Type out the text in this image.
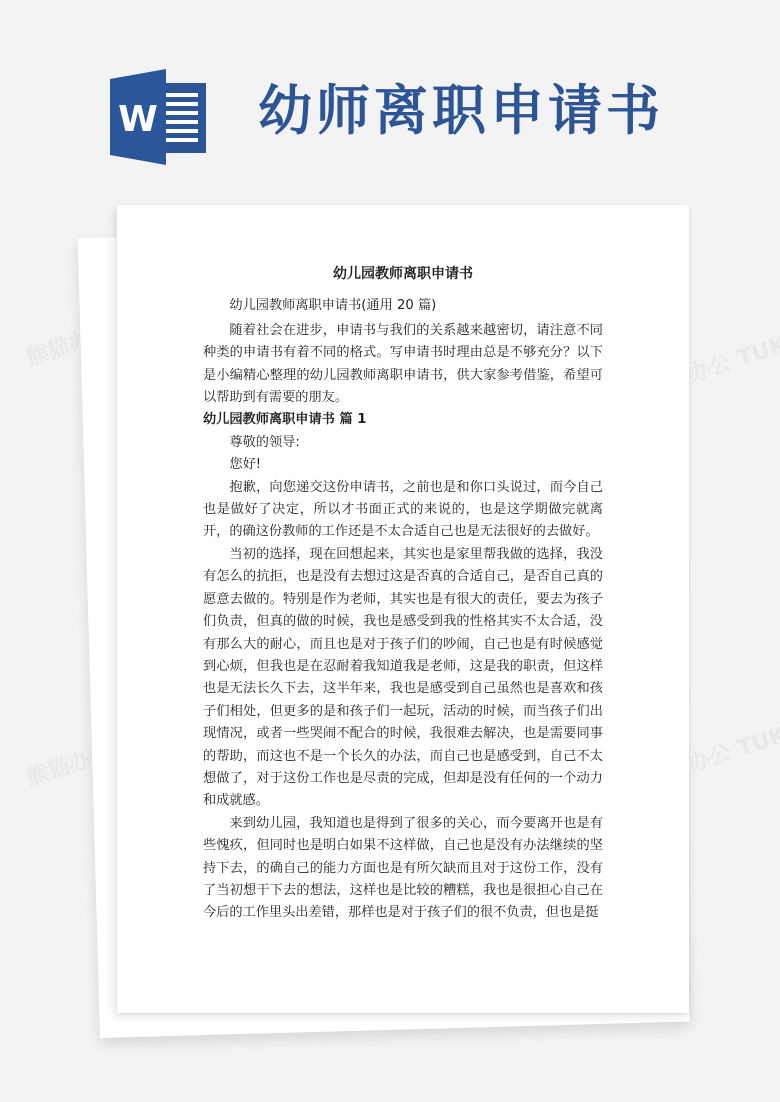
W 幼师离职申请书
幼儿园教师离职申请书

幼儿园教师离职申请书(通用 20 篇)

随着社会在进步，申请书与我们的关系越来越密切，请注意不同种类的申请书有着不同的格式。写申请书时理由总是不够充分？以下是小编精心整理的幼儿园教师离职申请书，供大家参考借鉴，希望可以帮助到有需要的朋友。

幼儿园教师离职申请书 篇 1

尊敬的领导:

您好!

抱歉，向您递交这份申请书，之前也是和你口头说过，而今自己也是做好了决定，所以才书面正式的来说的，也是这学期做完就离开，的确这份教师的工作还是不太合适自己也是无法很好的去做好。

当初的选择，现在回想起来，其实也是家里帮我做的选择，我没有怎么的抗拒，也是没有去想过这是否真的合适自己，是否自己真的愿意去做的。特别是作为老师，其实也是有很大的责任，要去为孩子们负责，但真的做的时候，我也是感受到我的性格其实不太合适，没有那么大的耐心，而且也是对于孩子们的吵闹，自己也是有时候感觉到心烦，但我也是在忍耐着我知道我是老师，这是我的职责，但这样也是无法长久下去，这半年来，我也是感受到自己虽然也是喜欢和孩子们相处，但更多的是和孩子们一起玩，活动的时候，而当孩子们出现情况，或者一些哭闹不配合的时候，我很难去解决，也是需要同事的帮助，而这也不是一个长久的办法，而自己也是感受到，自己不太想做了，对于这份工作也是尽责的完成，但却是没有任何的一个动力和成就感。

来到幼儿园，我知道也是得到了很多的关心，而今要离开也是有些愧疚，但同时也是明白如果不这样做，自己也是没有办法继续的坚持下去，的确自己的能力方面也是有所欠缺而且对于这份工作，没有了当初想干下去的想法，这样也是比较的糟糕，我也是很担心自己在今后的工作里头出差错，那样也是对于孩子们的很不负责，但也是挺
